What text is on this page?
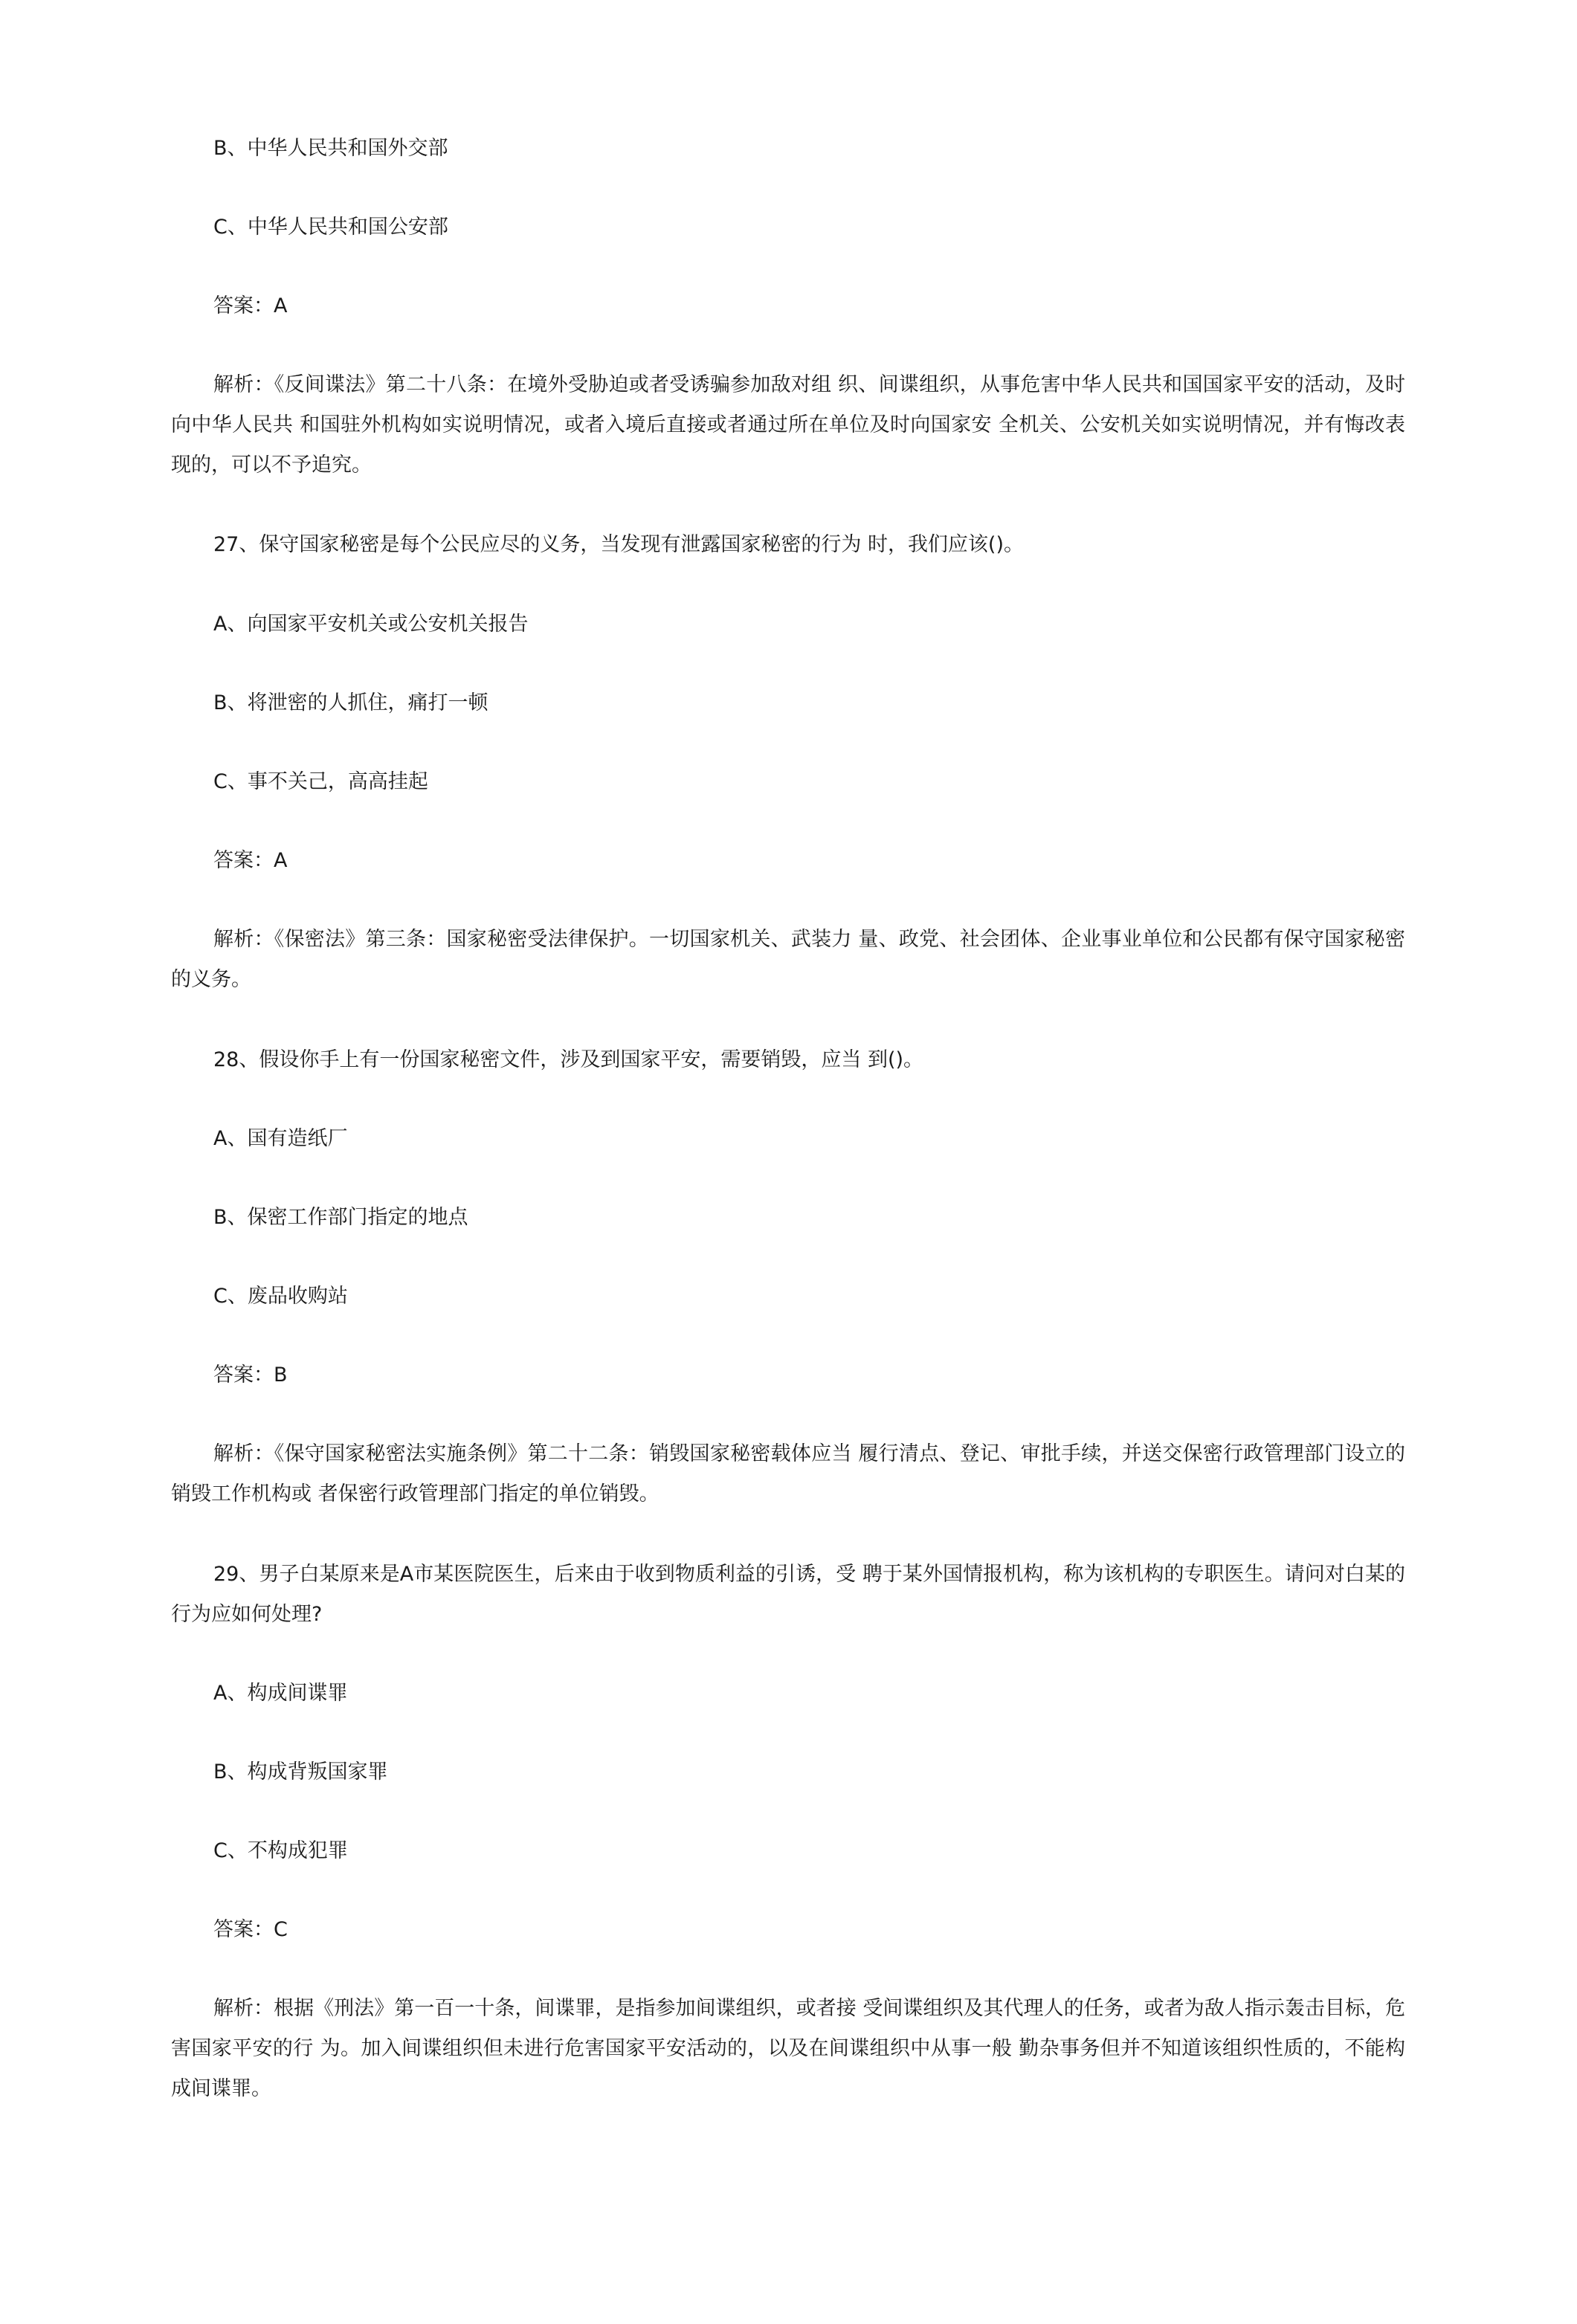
B、中华人民共和国外交部

C、中华人民共和国公安部

答案：A

解析：《反间谍法》第二十八条：在境外受胁迫或者受诱骗参加敌对组 织、间谍组织，从事危害中华人民共和国国家平安的活动，及时向中华人民共 和国驻外机构如实说明情况，或者入境后直接或者通过所在单位及时向国家安 全机关、公安机关如实说明情况，并有悔改表现的，可以不予追究。

27、保守国家秘密是每个公民应尽的义务，当发现有泄露国家秘密的行为 时，我们应该()。

A、向国家平安机关或公安机关报告

B、将泄密的人抓住，痛打一顿

C、事不关己，高高挂起

答案：A

解析：《保密法》第三条：国家秘密受法律保护。一切国家机关、武装力 量、政党、社会团体、企业事业单位和公民都有保守国家秘密的义务。

28、假设你手上有一份国家秘密文件，涉及到国家平安，需要销毁，应当 到()。

A、国有造纸厂

B、保密工作部门指定的地点

C、废品收购站

答案：B

解析：《保守国家秘密法实施条例》第二十二条：销毁国家秘密载体应当 履行清点、登记、审批手续，并送交保密行政管理部门设立的销毁工作机构或 者保密行政管理部门指定的单位销毁。

29、男子白某原来是A市某医院医生，后来由于收到物质利益的引诱，受 聘于某外国情报机构，称为该机构的专职医生。请问对白某的行为应如何处理?

A、构成间谍罪

B、构成背叛国家罪

C、不构成犯罪

答案：C

解析：根据《刑法》第一百一十条，间谍罪，是指参加间谍组织，或者接 受间谍组织及其代理人的任务，或者为敌人指示轰击目标，危害国家平安的行 为。加入间谍组织但未进行危害国家平安活动的，以及在间谍组织中从事一般 勤杂事务但并不知道该组织性质的，不能构成间谍罪。
